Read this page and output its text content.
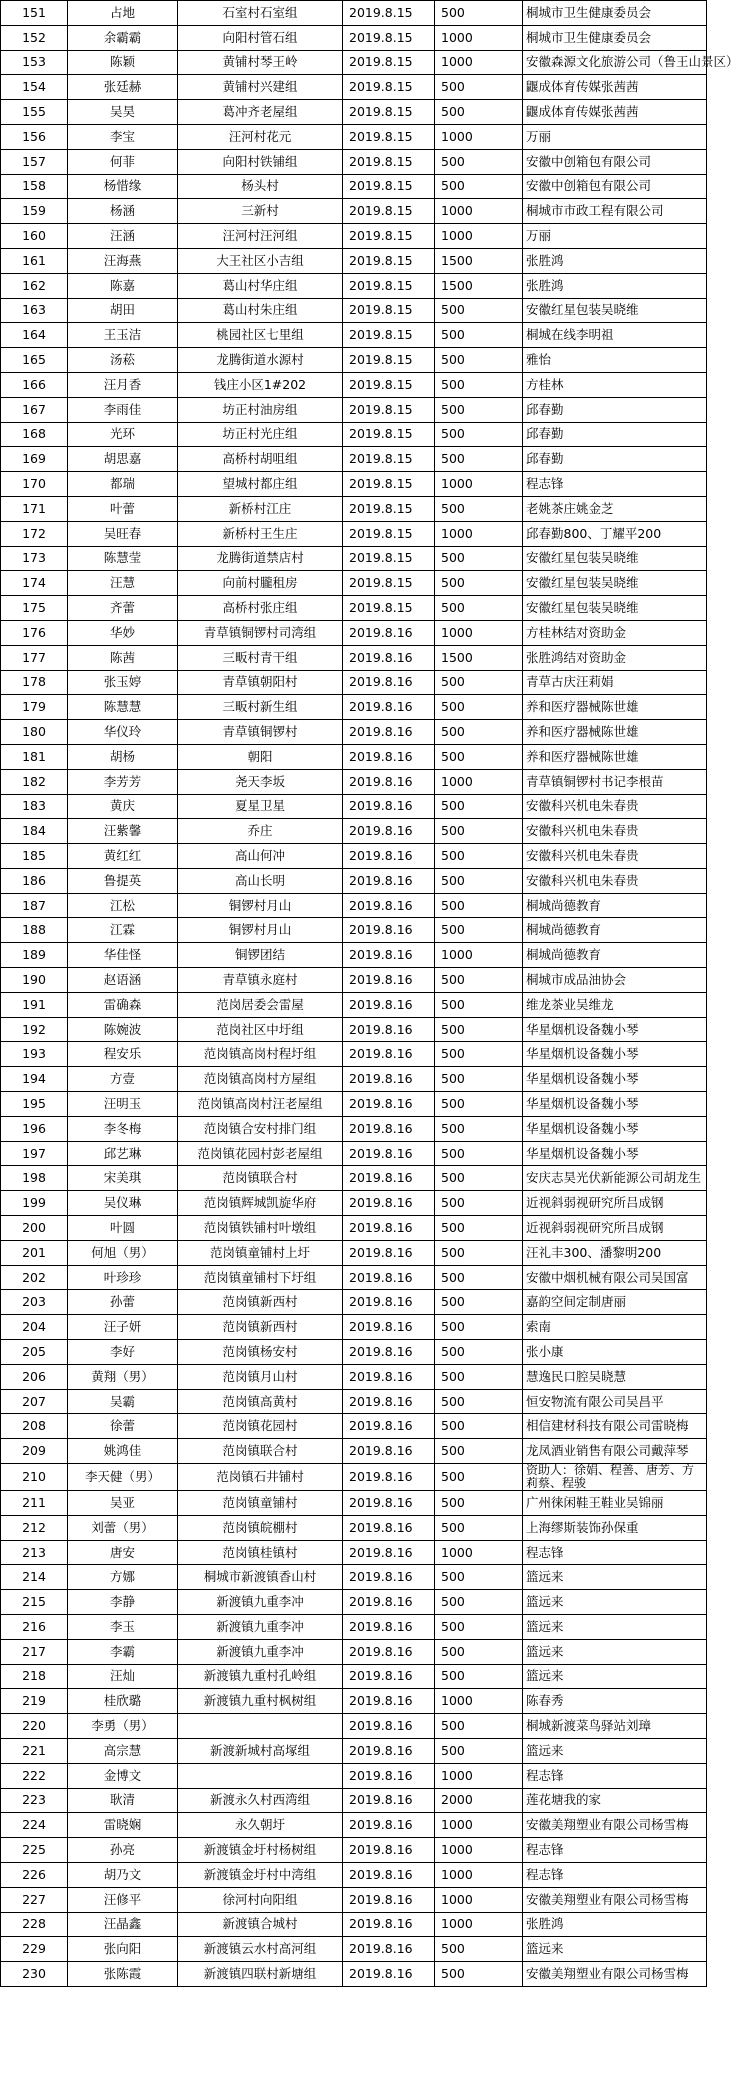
151	占地	石室村石室组	2019.8.15	500	桐城市卫生健康委员会
152	余霸霸	向阳村管石组	2019.8.15	1000	桐城市卫生健康委员会
153	陈颖	黄铺村琴王岭	2019.8.15	1000	安徽森源文化旅游公司（鲁王山景区）
154	张廷赫	黄铺村兴建组	2019.8.15	500	鼴成体育传媒张茜茜
155	吴昊	葛冲齐老屋组	2019.8.15	500	鼴成体育传媒张茜茜
156	李宝	汪河村花元	2019.8.15	1000	万丽
157	何菲	向阳村铁铺组	2019.8.15	500	安徽中创箱包有限公司
158	杨惜缘	杨头村	2019.8.15	500	安徽中创箱包有限公司
159	杨涵	三新村	2019.8.15	1000	桐城市市政工程有限公司
160	汪涵	汪河村汪河组	2019.8.15	1000	万丽
161	汪海燕	大王社区小吉组	2019.8.15	1500	张胜鸿
162	陈嘉	葛山村华庄组	2019.8.15	1500	张胜鸿
163	胡田	葛山村朱庄组	2019.8.15	500	安徽红星包装吴晓维
164	王玉洁	桃园社区七里组	2019.8.15	500	桐城在线李明祖
165	汤菘	龙腾街道水源村	2019.8.15	500	雅怡
166	汪月香	钱庄小区1#202	2019.8.15	500	方桂林
167	李雨佳	坊正村油房组	2019.8.15	500	邱春勤
168	光环	坊正村光庄组	2019.8.15	500	邱春勤
169	胡思嘉	高桥村胡咀组	2019.8.15	500	邱春勤
170	都瑞	望城村都庄组	2019.8.15	1000	程志锋
171	叶蕾	新桥村江庄	2019.8.15	500	老姚茶庄姚金芝
172	吴旺春	新桥村王生庄	2019.8.15	1000	邱春勤800、丁耀平200
173	陈慧莹	龙腾街道禁店村	2019.8.15	500	安徽红星包装吴晓维
174	汪慧	向前村朧租房	2019.8.15	500	安徽红星包装吴晓维
175	齐蕾	高桥村张庄组	2019.8.15	500	安徽红星包装吴晓维
176	华妙	青草镇铜锣村司湾组	2019.8.16	1000	方桂林结对资助金
177	陈茜	三畈村青干组	2019.8.16	1500	张胜鸿结对资助金
178	张玉婷	青草镇朝阳村	2019.8.16	500	青草古庆汪莉娟
179	陈慧慧	三畈村新生组	2019.8.16	500	养和医疗器械陈世雄
180	华仪玲	青草镇铜锣村	2019.8.16	500	养和医疗器械陈世雄
181	胡杨	朝阳	2019.8.16	500	养和医疗器械陈世雄
182	李芳芳	尧天李坂	2019.8.16	1000	青草镇铜锣村书记李根苗
183	黄庆	夏星卫星	2019.8.16	500	安徽科兴机电朱春贵
184	汪紫馨	乔庄	2019.8.16	500	安徽科兴机电朱春贵
185	黄红红	高山何冲	2019.8.16	500	安徽科兴机电朱春贵
186	鲁提英	高山长明	2019.8.16	500	安徽科兴机电朱春贵
187	江松	铜锣村月山	2019.8.16	500	桐城尚德教育
188	江霖	铜锣村月山	2019.8.16	500	桐城尚德教育
189	华佳怪	铜锣团结	2019.8.16	1000	桐城尚德教育
190	赵语涵	青草镇永庭村	2019.8.16	500	桐城市成品油协会
191	雷确森	范岗居委会雷屋	2019.8.16	500	维龙茶业吴维龙
192	陈婉波	范岗社区中圩组	2019.8.16	500	华星烟机设备魏小琴
193	程安乐	范岗镇高岗村程圩组	2019.8.16	500	华星烟机设备魏小琴
194	方壹	范岗镇高岗村方屋组	2019.8.16	500	华星烟机设备魏小琴
195	汪明玉	范岗镇高岗村汪老屋组	2019.8.16	500	华星烟机设备魏小琴
196	李冬梅	范岗镇合安村排门组	2019.8.16	500	华星烟机设备魏小琴
197	邱艺琳	范岗镇花园村彭老屋组	2019.8.16	500	华星烟机设备魏小琴
198	宋美琪	范岗镇联合村	2019.8.16	500	安庆志昊光伏新能源公司胡龙生
199	吴仪琳	范岗镇辉城凯旋华府	2019.8.16	500	近视斜弱视研究所吕成钢
200	叶圆	范岗镇铁铺村叶墩组	2019.8.16	500	近视斜弱视研究所吕成钢
201	何旭（男）	范岗镇童铺村上圩	2019.8.16	500	汪礼丰300、潘黎明200
202	叶珍珍	范岗镇童铺村下圩组	2019.8.16	500	安徽中烟机械有限公司吴国富
203	孙蕾	范岗镇新西村	2019.8.16	500	嘉韵空间定制唐丽
204	汪子妍	范岗镇新西村	2019.8.16	500	索南
205	李好	范岗镇杨安村	2019.8.16	500	张小康
206	黄翔（男）	范岗镇月山村	2019.8.16	500	慧逸民口腔吴晓慧
207	吴霸	范岗镇高黄村	2019.8.16	500	恒安物流有限公司吴昌平
208	徐蕾	范岗镇花园村	2019.8.16	500	相信建材科技有限公司雷晓梅
209	姚鸿佳	范岗镇联合村	2019.8.16	500	龙凤酒业销售有限公司戴萍琴
210	李天健（男）	范岗镇石井铺村	2019.8.16	500	资助人：徐娟、程善、唐芳、方莉蔡、程骏
211	吴亚	范岗镇童铺村	2019.8.16	500	广州徕闲鞋王鞋业吴锦丽
212	刘蕾（男）	范岗镇皖棚村	2019.8.16	500	上海缪斯装饰孙保重
213	唐安	范岗镇桂镇村	2019.8.16	1000	程志锋
214	方娜	桐城市新渡镇香山村	2019.8.16	500	篮远来
215	李静	新渡镇九重李冲	2019.8.16	500	篮远来
216	李玉	新渡镇九重李冲	2019.8.16	500	篮远来
217	李霸	新渡镇九重李冲	2019.8.16	500	篮远来
218	汪灿	新渡镇九重村孔岭组	2019.8.16	500	篮远来
219	桂欣璐	新渡镇九重村枫树组	2019.8.16	1000	陈春秀
220	李勇（男）		2019.8.16	500	桐城新渡菜鸟驿站刘璋
221	高宗慧	新渡新城村高塚组	2019.8.16	500	篮远来
222	金博文		2019.8.16	1000	程志锋
223	耿清	新渡永久村西湾组	2019.8.16	2000	莲花塘我的家
224	雷晓娴	永久朝圩	2019.8.16	1000	安徽美翔塑业有限公司杨雪梅
225	孙亮	新渡镇金圩村杨树组	2019.8.16	1000	程志锋
226	胡乃文	新渡镇金圩村中湾组	2019.8.16	1000	程志锋
227	汪修平	徐河村向阳组	2019.8.16	1000	安徽美翔塑业有限公司杨雪梅
228	汪晶鑫	新渡镇合城村	2019.8.16	1000	张胜鸿
229	张向阳	新渡镇云水村高河组	2019.8.16	500	篮远来
230	张陈霞	新渡镇四联村新塘组	2019.8.16	500	安徽美翔塑业有限公司杨雪梅
